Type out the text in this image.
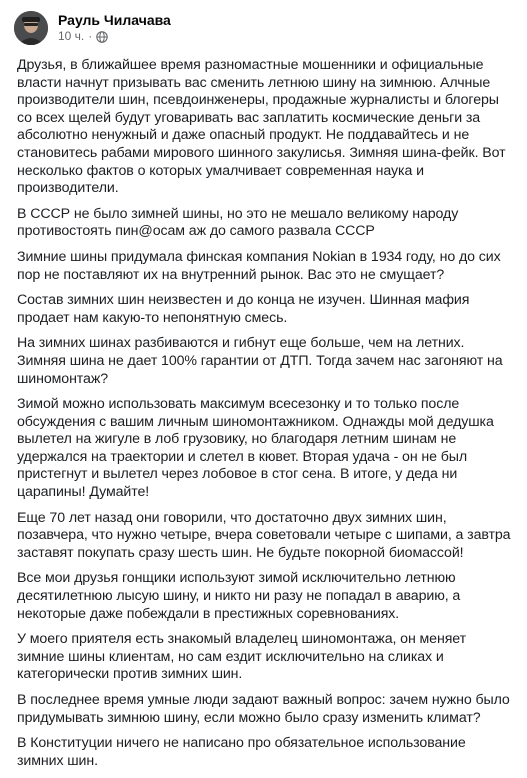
Рауль Чилачава
10 ч. ·

Друзья, в ближайшее время разномастные мошенники и официальные власти начнут призывать вас сменить летнюю шину на зимнюю. Алчные производители шин, псевдоинженеры, продажные журналисты и блогеры со всех щелей будут уговаривать вас заплатить космические деньги за абсолютно ненужный и даже опасный продукт. Не поддавайтесь и не становитесь рабами мирового шинного закулисья. Зимняя шина-фейк. Вот несколько фактов о которых умалчивает современная наука и производители.

В СССР не было зимней шины, но это не мешало великому народу противостоять пин@осам аж до самого развала СССР

Зимние шины придумала финская компания Nokian в 1934 году, но до сих пор не поставляют их на внутренний рынок. Вас это не смущает?

Состав зимних шин неизвестен и до конца не изучен. Шинная мафия продает нам какую-то непонятную смесь.

На зимних шинах разбиваются и гибнут еще больше, чем на летних. Зимняя шина не дает 100% гарантии от ДТП. Тогда зачем нас загоняют на шиномонтаж?

Зимой можно использовать максимум всесезонку и то только после обсуждения с вашим личным шиномонтажником. Однажды мой дедушка вылетел на жигуле в лоб грузовику, но благодаря летним шинам не удержался на траектории и слетел в кювет. Вторая удача - он не был пристегнут и вылетел через лобовое в стог сена. В итоге, у деда ни царапины! Думайте!

Еще 70 лет назад они говорили, что достаточно двух зимних шин, позавчера, что нужно четыре, вчера советовали четыре с шипами, а завтра заставят покупать сразу шесть шин. Не будьте покорной биомассой!

Все мои друзья гонщики используют зимой исключительно летнюю десятилетнюю лысую шину, и никто ни разу не попадал в аварию, а некоторые даже побеждали в престижных соревнованиях.

У моего приятеля есть знакомый владелец шиномонтажа, он меняет зимние шины клиентам, но сам ездит исключительно на сликах и категорически против зимних шин.

В последнее время умные люди задают важный вопрос: зачем нужно было придумывать зимнюю шину, если можно было сразу изменить климат?

В Конституции ничего не написано про обязательное использование зимних шин.
